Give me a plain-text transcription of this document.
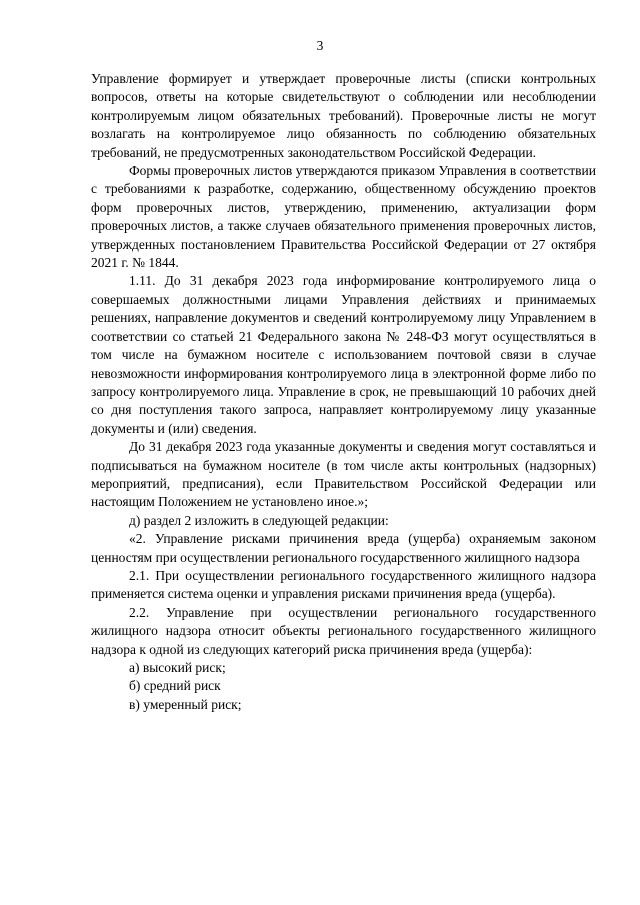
3

Управление формирует и утверждает проверочные листы (списки контрольных вопросов, ответы на которые свидетельствуют о соблюдении или несоблюдении контролируемым лицом обязательных требований). Проверочные листы не могут возлагать на контролируемое лицо обязанность по соблюдению обязательных требований, не предусмотренных законодательством Российской Федерации.

Формы проверочных листов утверждаются приказом Управления в соответствии с требованиями к разработке, содержанию, общественному обсуждению проектов форм проверочных листов, утверждению, применению, актуализации форм проверочных листов, а также случаев обязательного применения проверочных листов, утвержденных постановлением Правительства Российской Федерации от 27 октября 2021 г. № 1844.

1.11. До 31 декабря 2023 года информирование контролируемого лица о совершаемых должностными лицами Управления действиях и принимаемых решениях, направление документов и сведений контролируемому лицу Управлением в соответствии со статьей 21 Федерального закона № 248-ФЗ могут осуществляться в том числе на бумажном носителе с использованием почтовой связи в случае невозможности информирования контролируемого лица в электронной форме либо по запросу контролируемого лица. Управление в срок, не превышающий 10 рабочих дней со дня поступления такого запроса, направляет контролируемому лицу указанные документы и (или) сведения.

До 31 декабря 2023 года указанные документы и сведения могут составляться и подписываться на бумажном носителе (в том числе акты контрольных (надзорных) мероприятий, предписания), если Правительством Российской Федерации или настоящим Положением не установлено иное.»;

д) раздел 2 изложить в следующей редакции:

«2. Управление рисками причинения вреда (ущерба) охраняемым законом ценностям при осуществлении регионального государственного жилищного надзора

2.1. При осуществлении регионального государственного жилищного надзора применяется система оценки и управления рисками причинения вреда (ущерба).

2.2. Управление при осуществлении регионального государственного жилищного надзора относит объекты регионального государственного жилищного надзора к одной из следующих категорий риска причинения вреда (ущерба):

а) высокий риск;

б) средний риск

в) умеренный риск;
